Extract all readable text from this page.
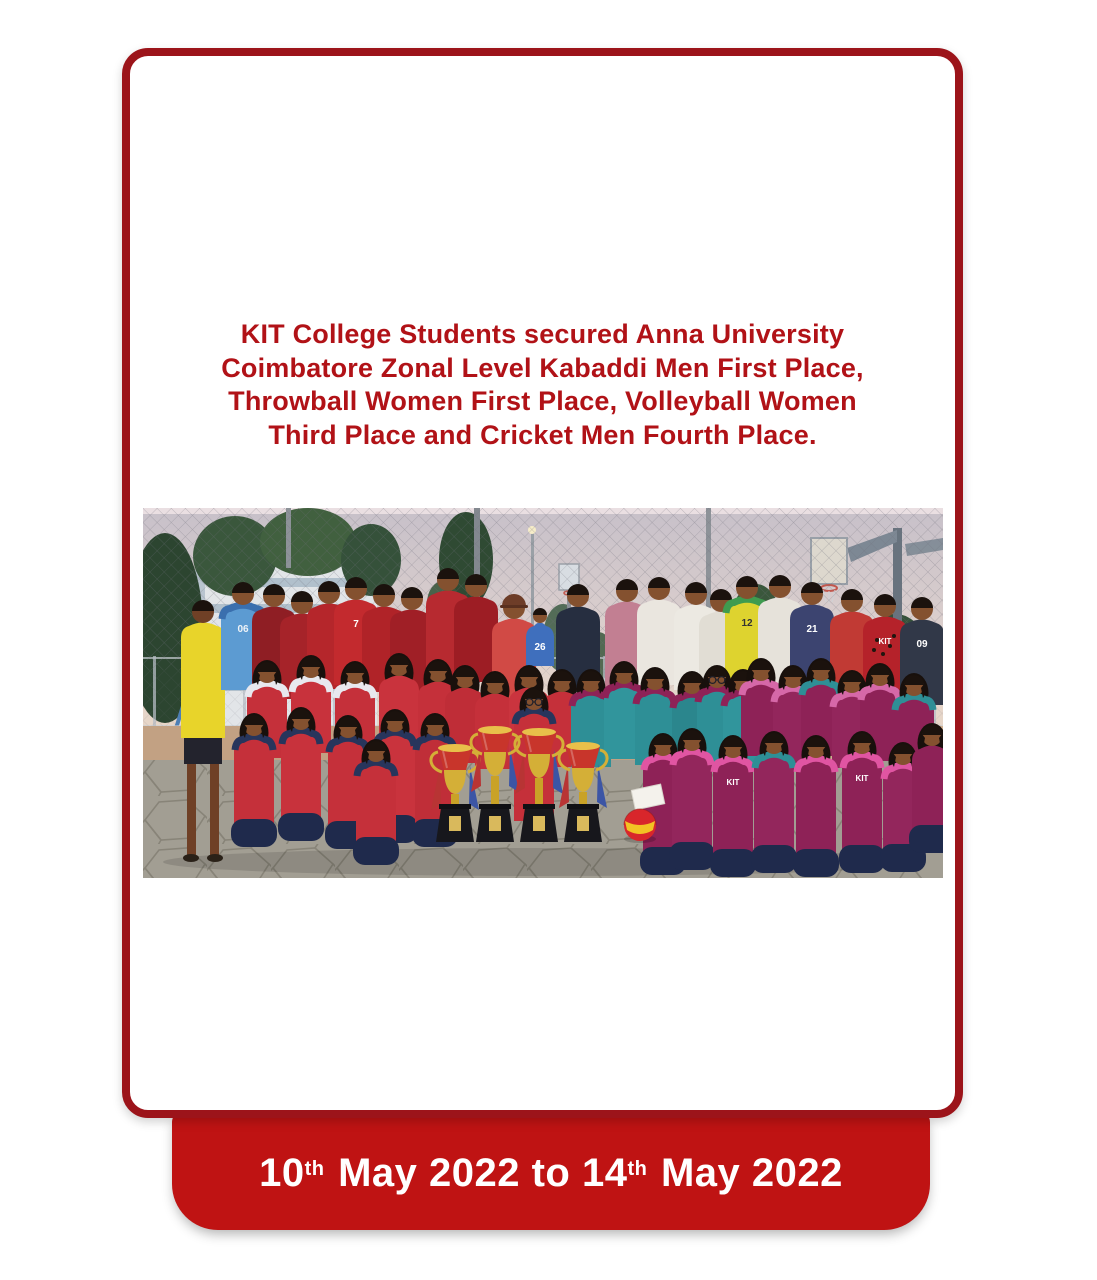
KIT College Students secured Anna University
Coimbatore Zonal Level Kabaddi Men First Place,
Throwball Women First Place, Volleyball Women
Third Place and Cricket Men Fourth Place.
06	7
26
12
21
KIT 09
KIT	KIT
10th May 2022 to 14th May 2022
